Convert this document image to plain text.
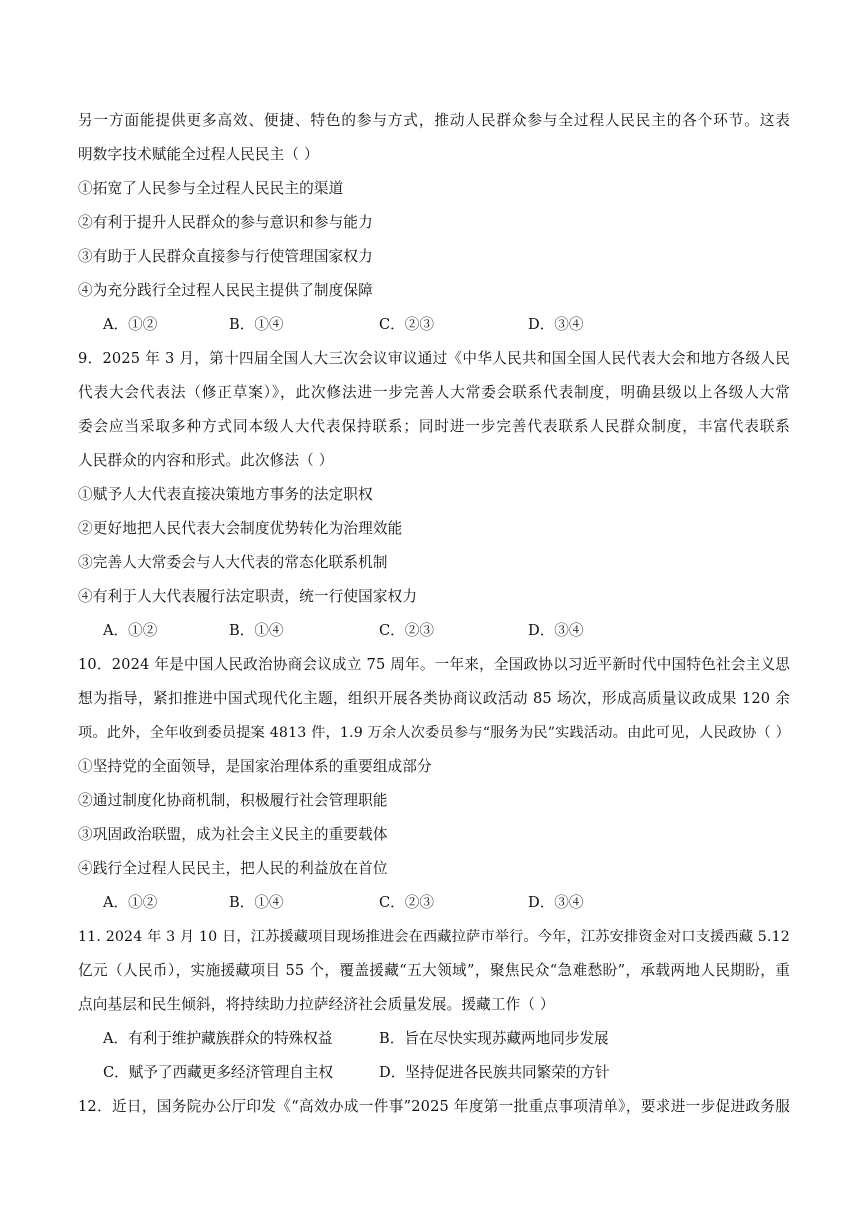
另一方面能提供更多高效、便捷、特色的参与方式，推动人民群众参与全过程人民民主的各个环节。这表
明数字技术赋能全过程人民民主（ ）
①拓宽了人民参与全过程人民民主的渠道
②有利于提升人民群众的参与意识和参与能力
③有助于人民群众直接参与行使管理国家权力
④为充分践行全过程人民民主提供了制度保障
A．①②	B．①④	C．②③	D．③④
9．2025 年 3 月，第十四届全国人大三次会议审议通过《中华人民共和国全国人民代表大会和地方各级人民
代表大会代表法（修正草案）》，此次修法进一步完善人大常委会联系代表制度，明确县级以上各级人大常
委会应当采取多种方式同本级人大代表保持联系；同时进一步完善代表联系人民群众制度，丰富代表联系
人民群众的内容和形式。此次修法（ ）
①赋予人大代表直接决策地方事务的法定职权
②更好地把人民代表大会制度优势转化为治理效能
③完善人大常委会与人大代表的常态化联系机制
④有利于人大代表履行法定职责，统一行使国家权力
A．①②	B．①④	C．②③	D．③④
10．2024 年是中国人民政治协商会议成立 75 周年。一年来，全国政协以习近平新时代中国特色社会主义思
想为指导，紧扣推进中国式现代化主题，组织开展各类协商议政活动 85 场次，形成高质量议政成果 120 余
项。此外，全年收到委员提案 4813 件，1.9 万余人次委员参与“服务为民”实践活动。由此可见，人民政协（ ）
①坚持党的全面领导，是国家治理体系的重要组成部分
②通过制度化协商机制，积极履行社会管理职能
③巩固政治联盟，成为社会主义民主的重要载体
④践行全过程人民民主，把人民的利益放在首位
A．①②	B．①④	C．②③	D．③④
11. 2024 年 3 月 10 日，江苏援藏项目现场推进会在西藏拉萨市举行。今年，江苏安排资金对口支援西藏 5.12
亿元（人民币），实施援藏项目 55 个，覆盖援藏“五大领域”，聚焦民众“急难愁盼”，承载两地人民期盼，重
点向基层和民生倾斜，将持续助力拉萨经济社会质量发展。援藏工作（ ）
A．有利于维护藏族群众的特殊权益	B．旨在尽快实现苏藏两地同步发展
C．赋予了西藏更多经济管理自主权	D．坚持促进各民族共同繁荣的方针
12．近日，国务院办公厅印发《“高效办成一件事”2025 年度第一批重点事项清单》，要求进一步促进政务服
